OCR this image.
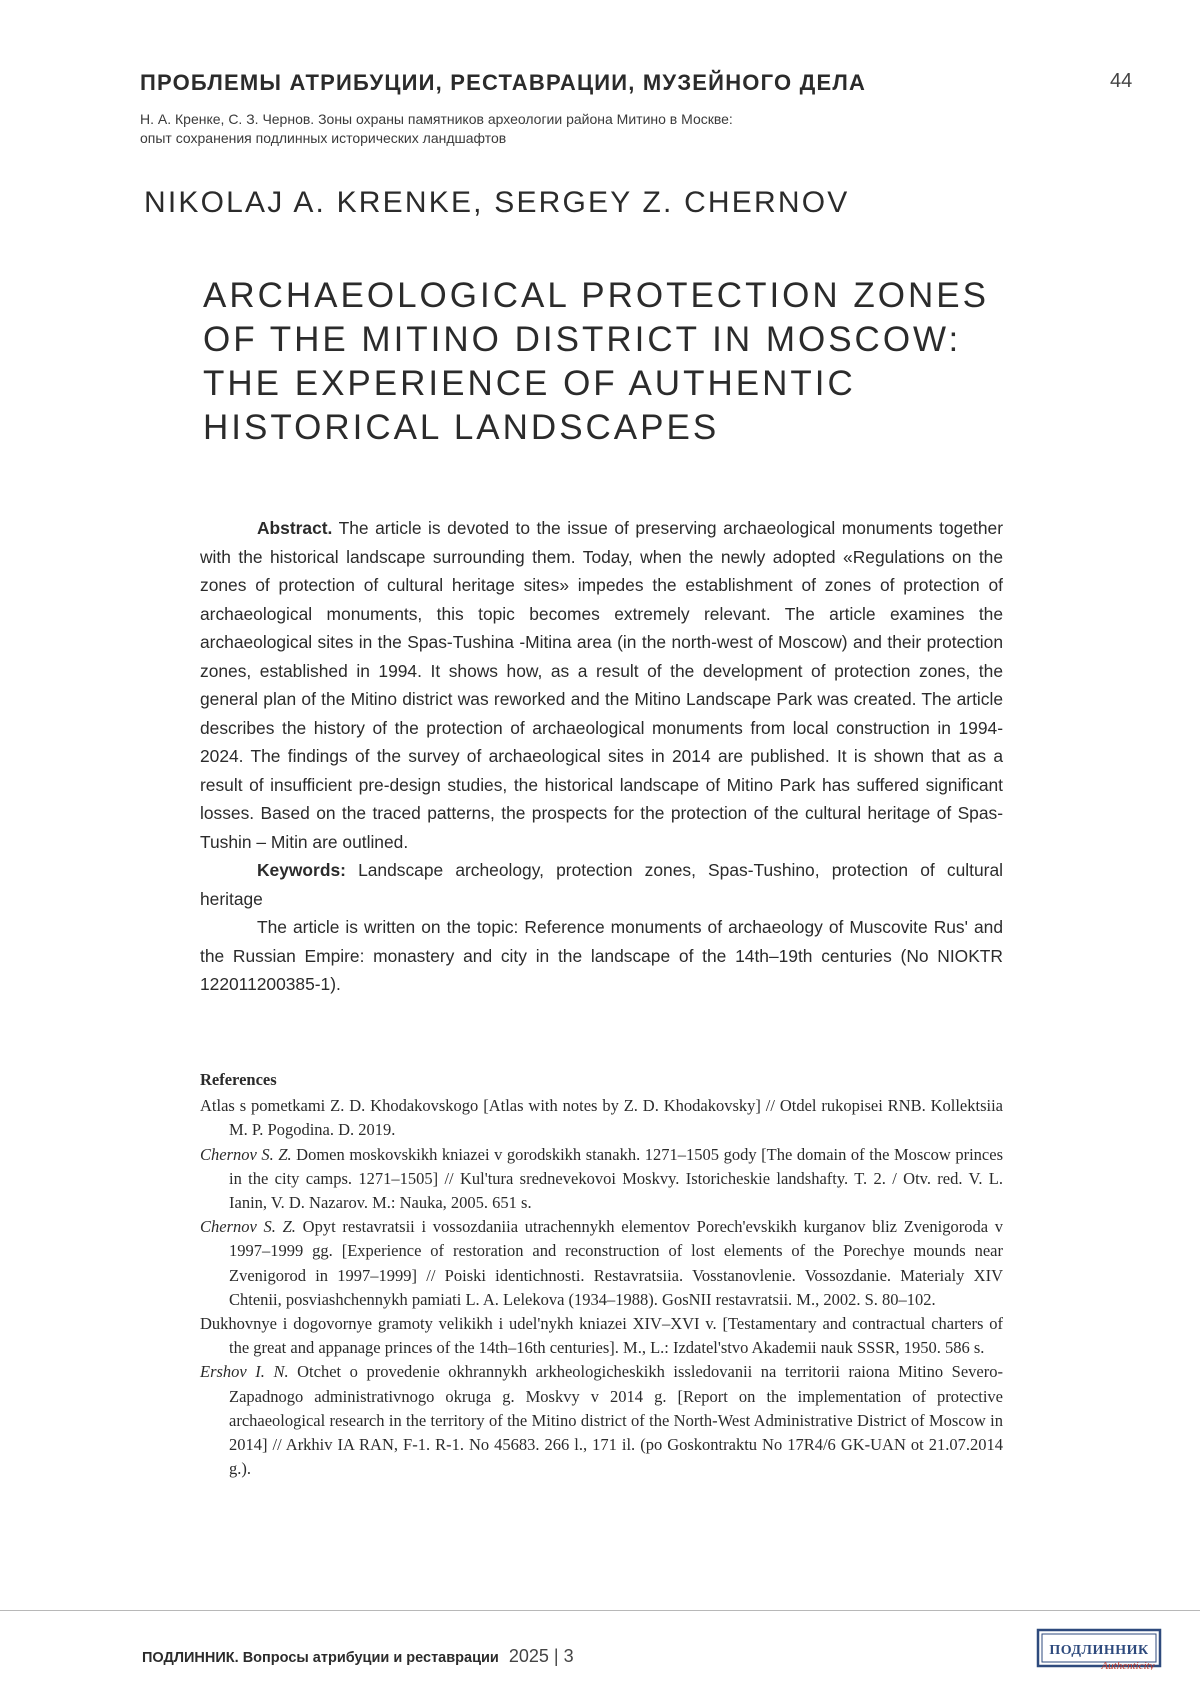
ПРОБЛЕМЫ АТРИБУЦИИ, РЕСТАВРАЦИИ, МУЗЕЙНОГО ДЕЛА	44
Н. А. Кренке, С. З. Чернов. Зоны охраны памятников археологии района Митино в Москве:
опыт сохранения подлинных исторических ландшафтов
NIKOLAJ A. KRENKE, SERGEY Z. CHERNOV
ARCHAEOLOGICAL PROTECTION ZONES OF THE MITINO DISTRICT IN MOSCOW: THE EXPERIENCE OF AUTHENTIC HISTORICAL LANDSCAPES

Abstract. The article is devoted to the issue of preserving archaeological monuments together with the historical landscape surrounding them. Today, when the newly adopted «Regulations on the zones of protection of cultural heritage sites» impedes the establishment of zones of protection of archaeological monuments, this topic becomes extremely relevant. The article examines the archaeological sites in the Spas-Tushina -Mitina area (in the north-west of Moscow) and their protection zones, established in 1994. It shows how, as a result of the development of protection zones, the general plan of the Mitino district was reworked and the Mitino Landscape Park was created. The article describes the history of the protection of archaeological monuments from local construction in 1994-2024. The findings of the survey of archaeological sites in 2014 are published. It is shown that as a result of insufficient pre-design studies, the historical landscape of Mitino Park has suffered significant losses. Based on the traced patterns, the prospects for the protection of the cultural heritage of Spas-Tushin – Mitin are outlined.

Keywords: Landscape archeology, protection zones, Spas-Tushino, protection of cultural heritage

The article is written on the topic: Reference monuments of archaeology of Muscovite Rus' and the Russian Empire: monastery and city in the landscape of the 14th–19th centuries (No NIOKTR 122011200385-1).

References

Atlas s pometkami Z. D. Khodakovskogo [Atlas with notes by Z. D. Khodakovsky] // Otdel rukopisei RNB. Kollektsiia M. P. Pogodina. D. 2019.

Chernov S. Z. Domen moskovskikh kniazei v gorodskikh stanakh. 1271–1505 gody [The domain of the Moscow princes in the city camps. 1271–1505] // Kul'tura srednevekovoi Moskvy. Istoricheskie landshafty. T. 2. / Otv. red. V. L. Ianin, V. D. Nazarov. M.: Nauka, 2005. 651 s.

Chernov S. Z. Opyt restavratsii i vossozdaniia utrachennykh elementov Porech'evskikh kurganov bliz Zvenigoroda v 1997–1999 gg. [Experience of restoration and reconstruction of lost elements of the Porechye mounds near Zvenigorod in 1997–1999] // Poiski identichnosti. Restavratsiia. Vosstanovlenie. Vossozdanie. Materialy XIV Chtenii, posviashchennykh pamiati L. A. Lelekova (1934–1988). GosNII restavratsii. M., 2002. S. 80–102.

Dukhovnye i dogovornye gramoty velikikh i udel'nykh kniazei XIV–XVI v. [Testamentary and contractual charters of the great and appanage princes of the 14th–16th centuries]. M., L.: Izdatel'stvo Akademii nauk SSSR, 1950. 586 s.

Ershov I. N. Otchet o provedenie okhrannykh arkheologicheskikh issledovanii na territorii raiona Mitino Severo-Zapadnogo administrativnogo okruga g. Moskvy v 2014 g. [Report on the implementation of protective archaeological research in the territory of the Mitino district of the North-West Administrative District of Moscow in 2014] // Arkhiv IA RAN, F-1. R-1. No 45683. 266 l., 171 il. (po Goskontraktu No 17R4/6 GK-UAN ot 21.07.2014 g.).

ПОДЛИННИК. Вопросы атрибуции и реставрации 2025 | 3	ПОДЛИННИК
Authenticity
